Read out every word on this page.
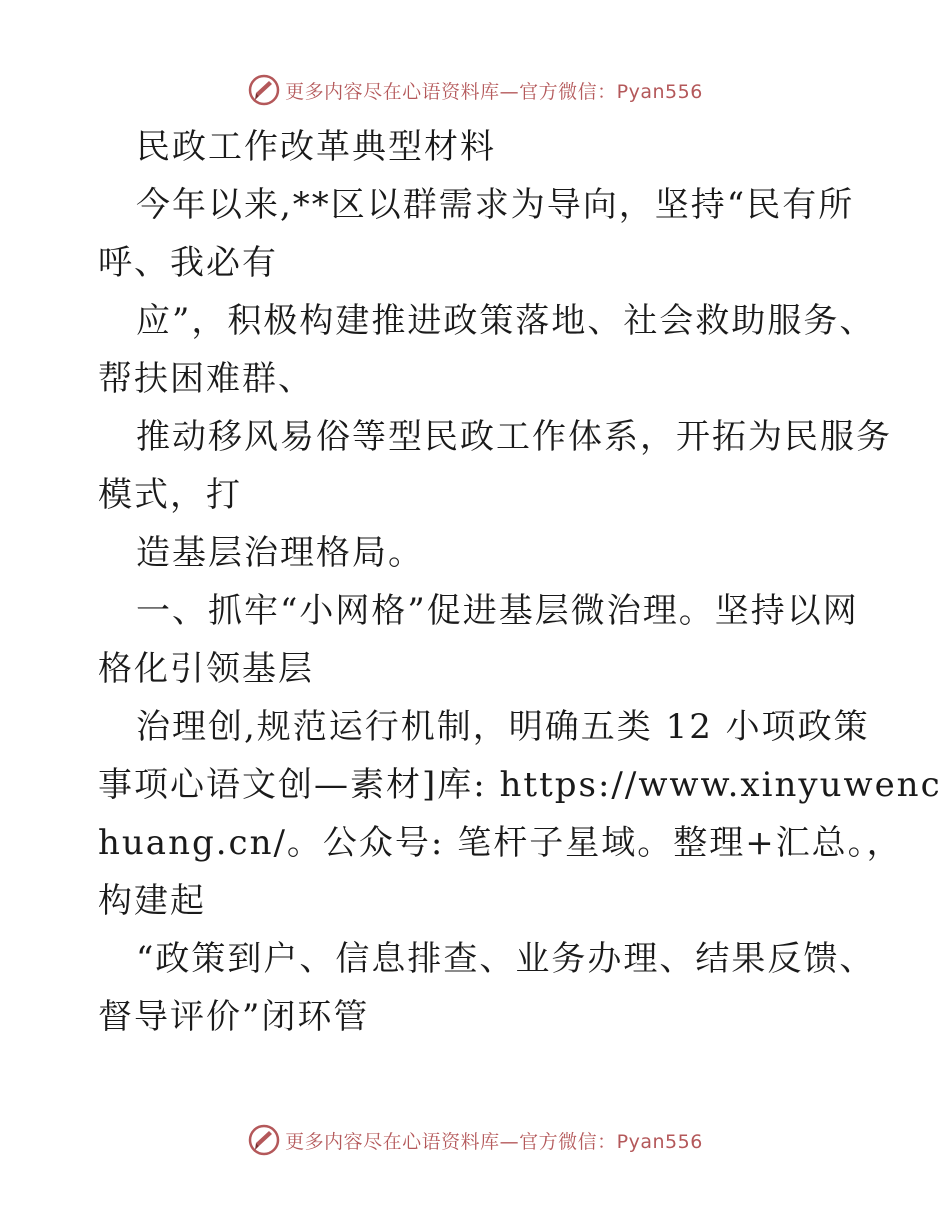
更多内容尽在心语资料库—官方微信：Pyan556
民政工作改革典型材料
今年以来,**区以群需求为导向，坚持“民有所
呼、我必有
应”，积极构建推进政策落地、社会救助服务、
帮扶困难群、
推动移风易俗等型民政工作体系，开拓为民服务
模式，打
造基层治理格局。
一、抓牢“小网格”促进基层微治理。坚持以网
格化引领基层
治理创,规范运行机制，明确五类 12 小项政策
事项心语文创—素材]库: https://www.xinyuwenc
huang.cn/。公众号: 笔杆子星域。整理+汇总。，
构建起
“政策到户、信息排查、业务办理、结果反馈、
督导评价”闭环管
更多内容尽在心语资料库—官方微信：Pyan556
